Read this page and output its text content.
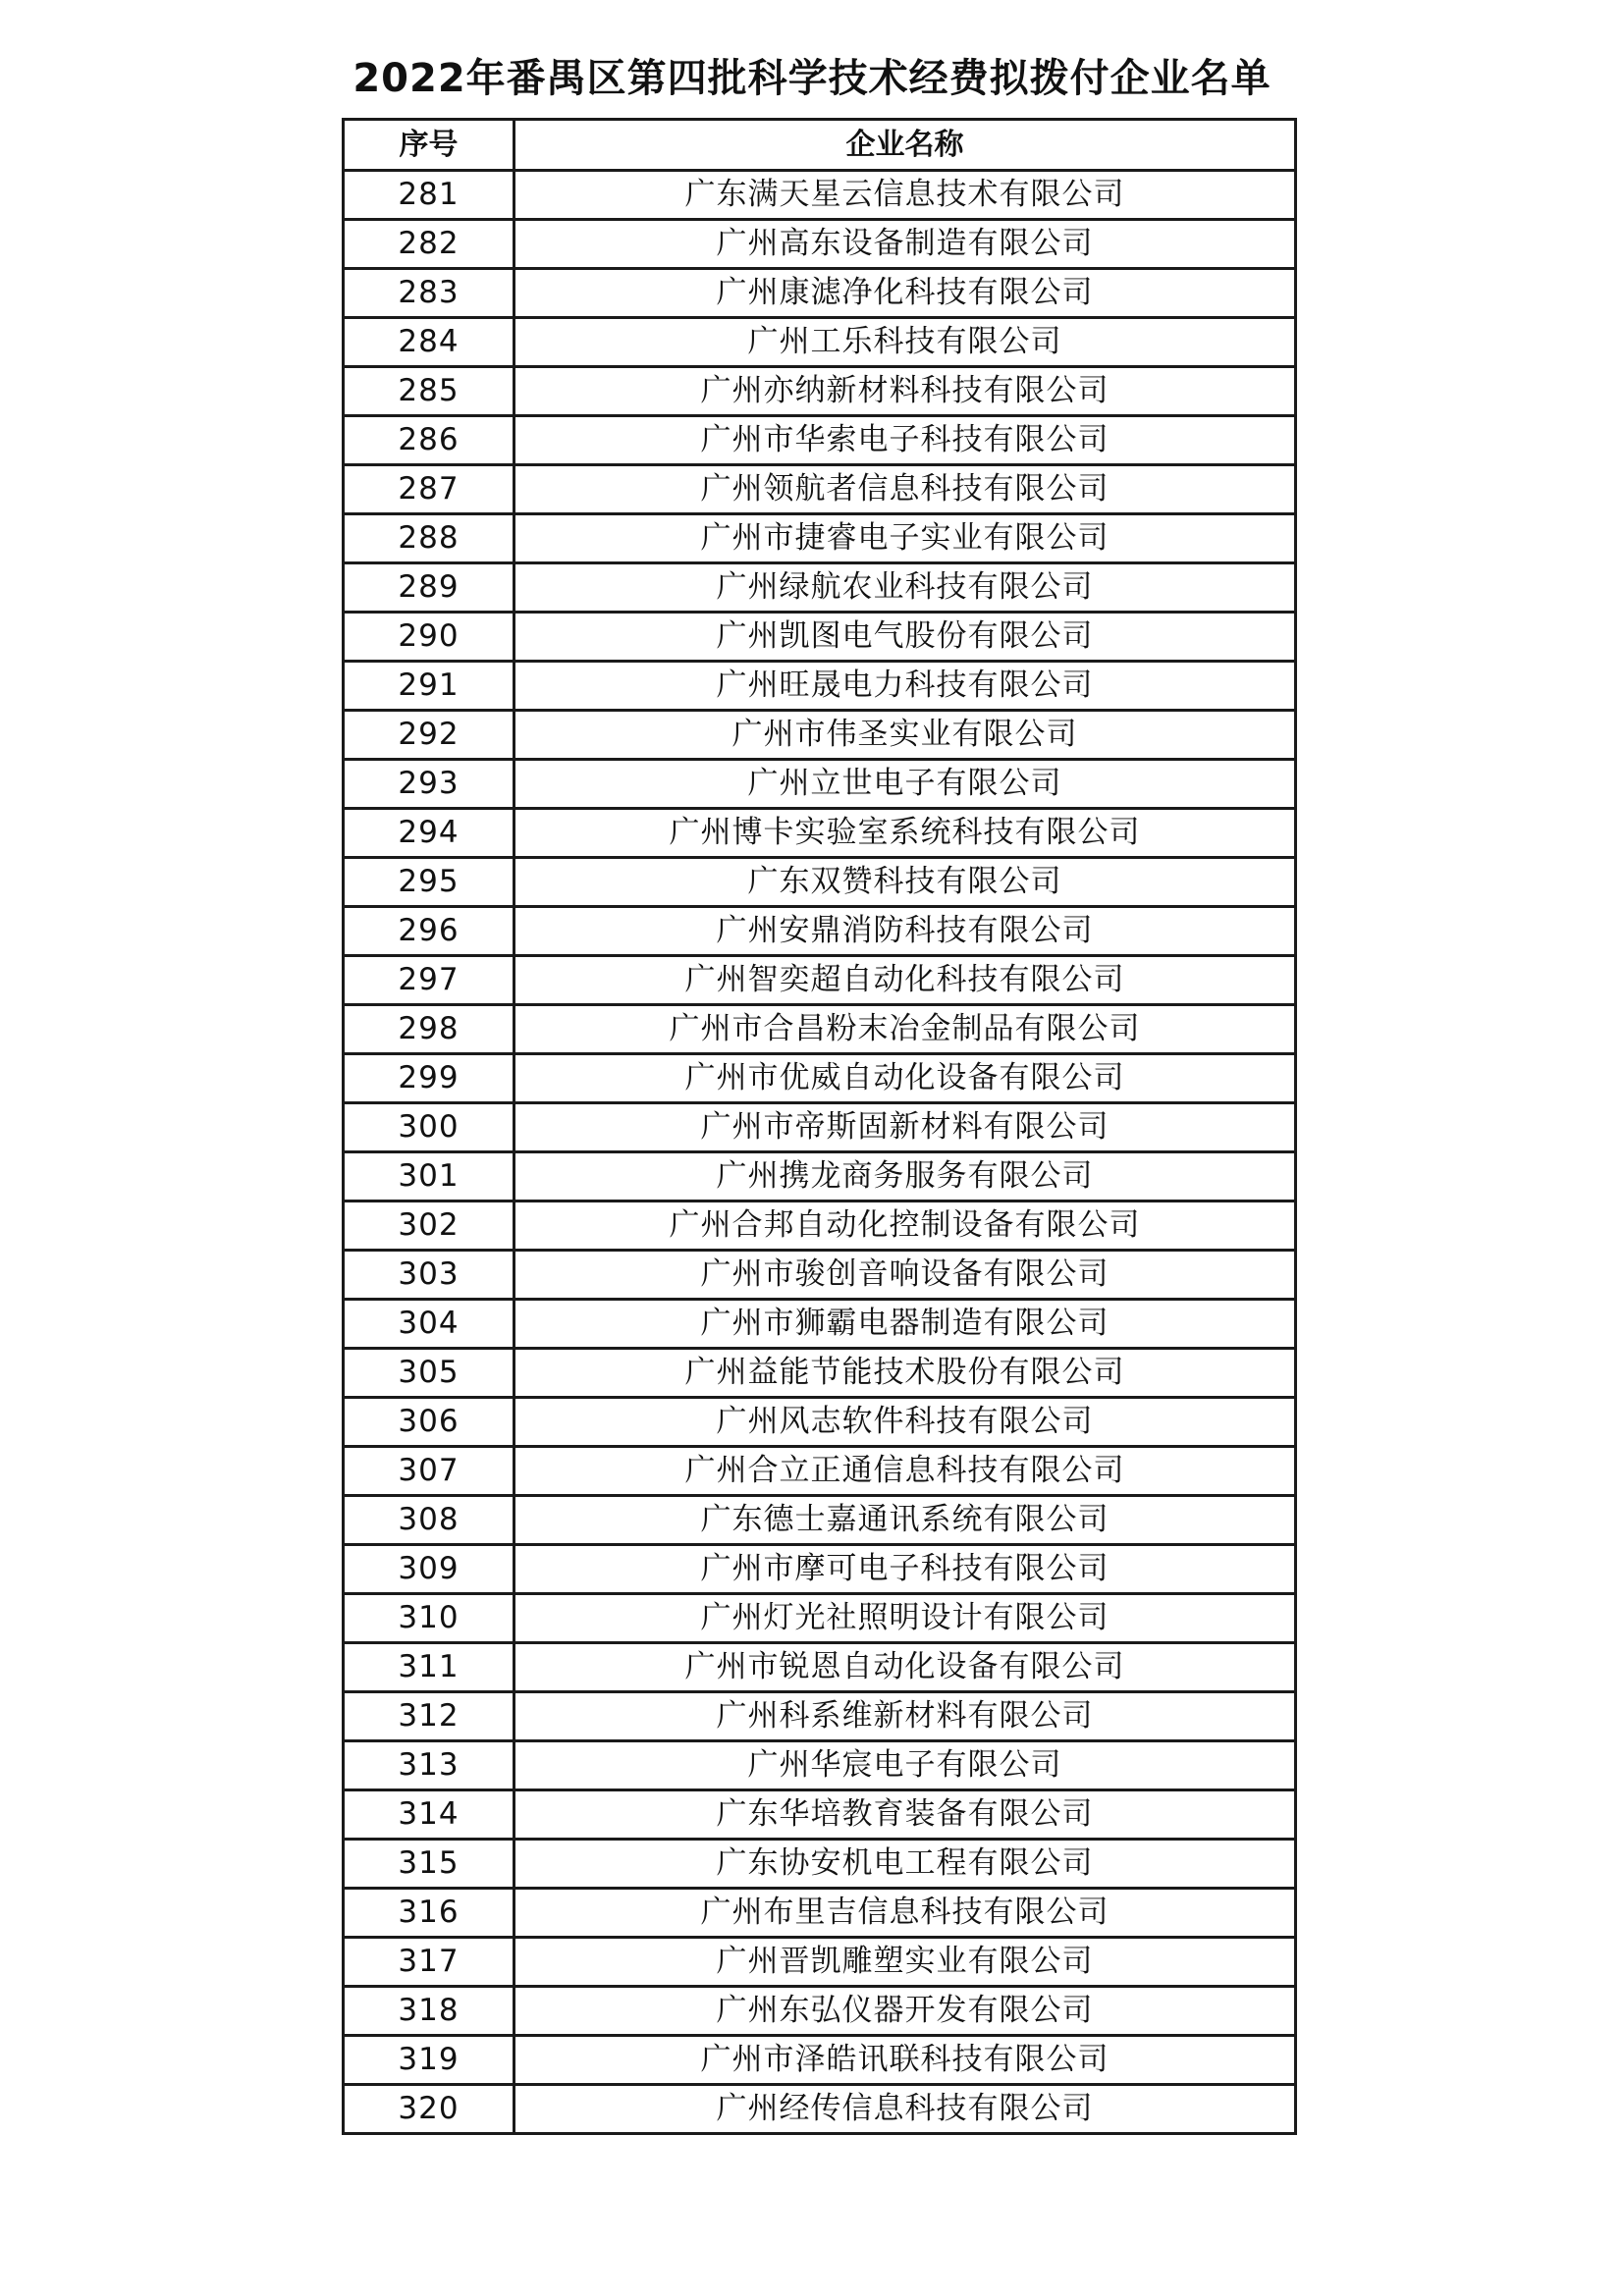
2022年番禺区第四批科学技术经费拟拨付企业名单
序号	企业名称
281	广东满天星云信息技术有限公司
282	广州高东设备制造有限公司
283	广州康滤净化科技有限公司
284	广州工乐科技有限公司
285	广州亦纳新材料科技有限公司
286	广州市华索电子科技有限公司
287	广州领航者信息科技有限公司
288	广州市捷睿电子实业有限公司
289	广州绿航农业科技有限公司
290	广州凯图电气股份有限公司
291	广州旺晟电力科技有限公司
292	广州市伟圣实业有限公司
293	广州立世电子有限公司
294	广州博卡实验室系统科技有限公司
295	广东双赞科技有限公司
296	广州安鼎消防科技有限公司
297	广州智奕超自动化科技有限公司
298	广州市合昌粉末冶金制品有限公司
299	广州市优威自动化设备有限公司
300	广州市帝斯固新材料有限公司
301	广州携龙商务服务有限公司
302	广州合邦自动化控制设备有限公司
303	广州市骏创音响设备有限公司
304	广州市狮霸电器制造有限公司
305	广州益能节能技术股份有限公司
306	广州风志软件科技有限公司
307	广州合立正通信息科技有限公司
308	广东德士嘉通讯系统有限公司
309	广州市摩可电子科技有限公司
310	广州灯光社照明设计有限公司
311	广州市锐恩自动化设备有限公司
312	广州科系维新材料有限公司
313	广州华宸电子有限公司
314	广东华培教育装备有限公司
315	广东协安机电工程有限公司
316	广州布里吉信息科技有限公司
317	广州晋凯雕塑实业有限公司
318	广州东弘仪器开发有限公司
319	广州市泽皓讯联科技有限公司
320	广州经传信息科技有限公司
